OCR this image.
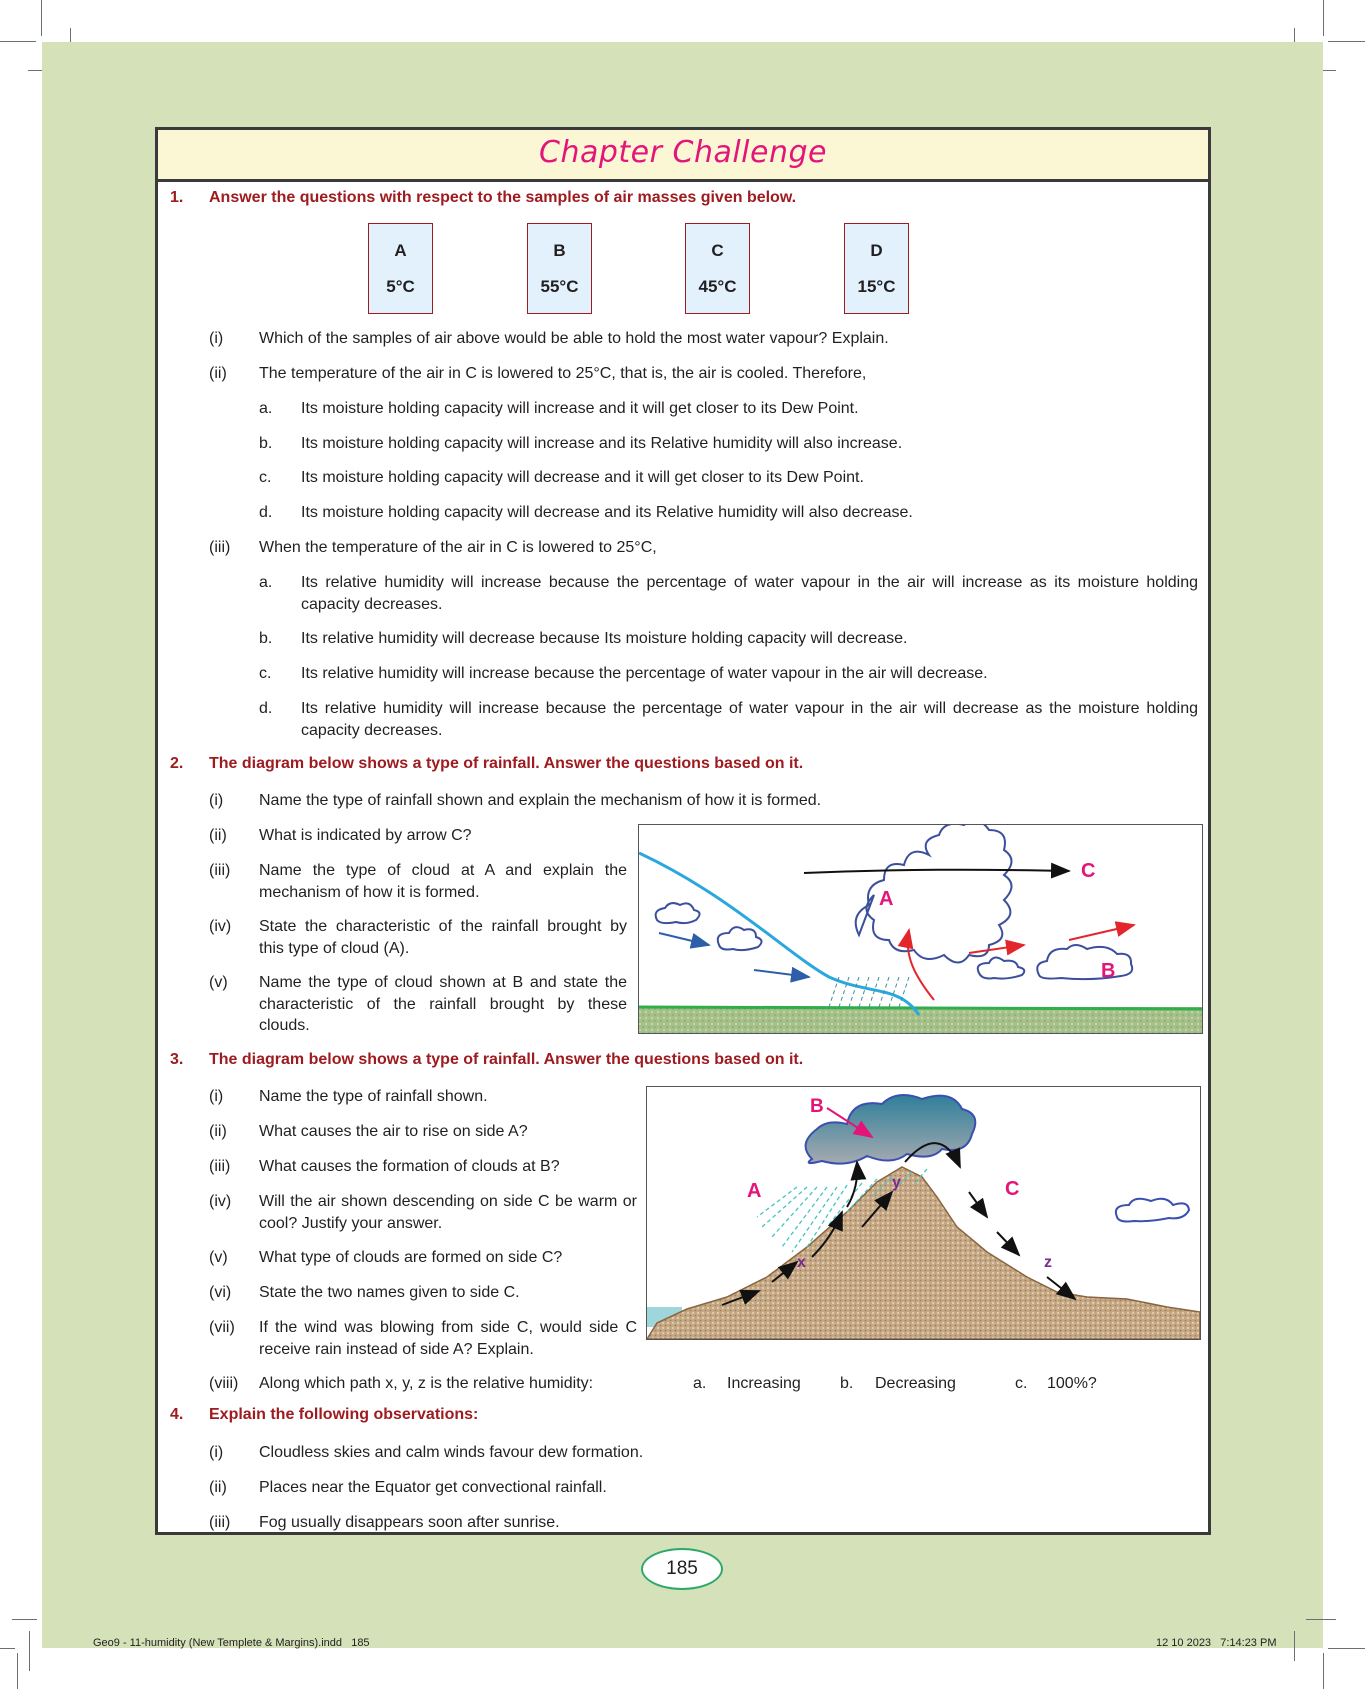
Chapter Challenge
1. Answer the questions with respect to the samples of air masses given below.
A
5°C
B
55°C
C
45°C
D
15°C
(i) Which of the samples of air above would be able to hold the most water vapour? Explain.
(ii) The temperature of the air in C is lowered to 25°C, that is, the air is cooled. Therefore,
a. Its moisture holding capacity will increase and it will get closer to its Dew Point.
b. Its moisture holding capacity will increase and its Relative humidity will also increase.
c. Its moisture holding capacity will decrease and it will get closer to its Dew Point.
d. Its moisture holding capacity will decrease and its Relative humidity will also decrease.
(iii) When the temperature of the air in C is lowered to 25°C,
a. Its relative humidity will increase because the percentage of water vapour in the air will increase as its moisture holding capacity decreases.
b. Its relative humidity will decrease because Its moisture holding capacity will decrease.
c. Its relative humidity will increase because the percentage of water vapour in the air will decrease.
d. Its relative humidity will increase because the percentage of water vapour in the air will decrease as the moisture holding capacity decreases.
2. The diagram below shows a type of rainfall. Answer the questions based on it.
(i) Name the type of rainfall shown and explain the mechanism of how it is formed.
(ii) What is indicated by arrow C?
(iii) Name the type of cloud at A and explain the mechanism of how it is formed.
(iv) State the characteristic of the rainfall brought by this type of cloud (A).
(v) Name the type of cloud shown at B and state the characteristic of the rainfall brought by these clouds.
A
C
B
3. The diagram below shows a type of rainfall. Answer the questions based on it.
(i) Name the type of rainfall shown.
(ii) What causes the air to rise on side A?
(iii) What causes the formation of clouds at B?
(iv) Will the air shown descending on side C be warm or cool? Justify your answer.
(v) What type of clouds are formed on side C?
(vi) State the two names given to side C.
(vii) If the wind was blowing from side C, would side C receive rain instead of side A? Explain.
(viii) Along which path x, y, z is the relative humidity:	a. Increasing b. Decreasing	c. 100%?
B
A	C
x
y
z
4. Explain the following observations:
(i) Cloudless skies and calm winds favour dew formation.
(ii) Places near the Equator get convectional rainfall.
(iii) Fog usually disappears soon after sunrise.
185
Geo9 - 11-humidity (New Templete & Margins).indd   185	12 10 2023   7:14:23 PM
